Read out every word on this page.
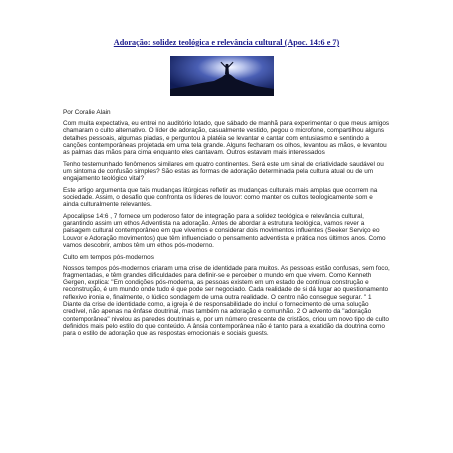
Adoração: solidez teológica e relevância cultural (Apoc. 14:6 e 7)
Por Coralie Alain

Com muita expectativa, eu entrei no auditório lotado, que sábado de manhã para experimentar o que meus amigos chamaram o culto alternativo. O líder de adoração, casualmente vestido, pegou o microfone, compartilhou alguns detalhes pessoais, algumas piadas, e perguntou à platéia se levantar e cantar com entusiasmo e sentindo a canções contemporâneas projetada em uma tela grande. Alguns fecharam os olhos, levantou as mãos, e levantou as palmas das mãos para cima enquanto eles cantavam. Outros estavam mais interessados

Tenho testemunhado fenômenos similares em quatro continentes. Será este um sinal de criatividade saudável ou um sintoma de confusão simples? São estas as formas de adoração determinada pela cultura atual ou de um engajamento teológico vital?

Este artigo argumenta que tais mudanças litúrgicas refletir as mudanças culturais mais amplas que ocorrem na sociedade. Assim, o desafio que confronta os líderes de louvor: como manter os cultos teologicamente som e ainda culturalmente relevantes.

Apocalipse 14:6 , 7 fornece um poderoso fator de integração para a solidez teológica e relevância cultural, garantindo assim um ethos Adventista na adoração. Antes de abordar a estrutura teológica, vamos rever a paisagem cultural contemporâneo em que vivemos e considerar dois movimentos influentes (Seeker Serviço eo Louvor e Adoração movimentos) que têm influenciado o pensamento adventista e prática nos últimos anos. Como vamos descobrir, ambos têm um ethos pós-moderno.

Culto em tempos pós-modernos

Nossos tempos pós-modernos criaram uma crise de identidade para muitos. As pessoas estão confusas, sem foco, fragmentadas, e têm grandes dificuldades para definir-se e perceber o mundo em que vivem. Como Kenneth Gergen, explica: "Em condições pós-moderna, as pessoas existem em um estado de contínua construção e reconstrução, é um mundo onde tudo é que pode ser negociado. Cada realidade de si dá lugar ao questionamento reflexivo ironia e, finalmente, o lúdico sondagem de uma outra realidade. O centro não consegue segurar. " 1 Diante da crise de identidade como, a igreja é de responsabilidade do incluí o fornecimento de uma solução credível, não apenas na ênfase doutrinal, mas também na adoração e comunhão. 2 O advento da "adoração contemporânea" nivelou as paredes doutrinais e, por um número crescente de cristãos, criou um novo tipo de culto definidos mais pelo estilo do que conteúdo. A ânsia contemporânea não é tanto para a exatidão da doutrina como para o estilo de adoração que as respostas emocionais e sociais guests.
